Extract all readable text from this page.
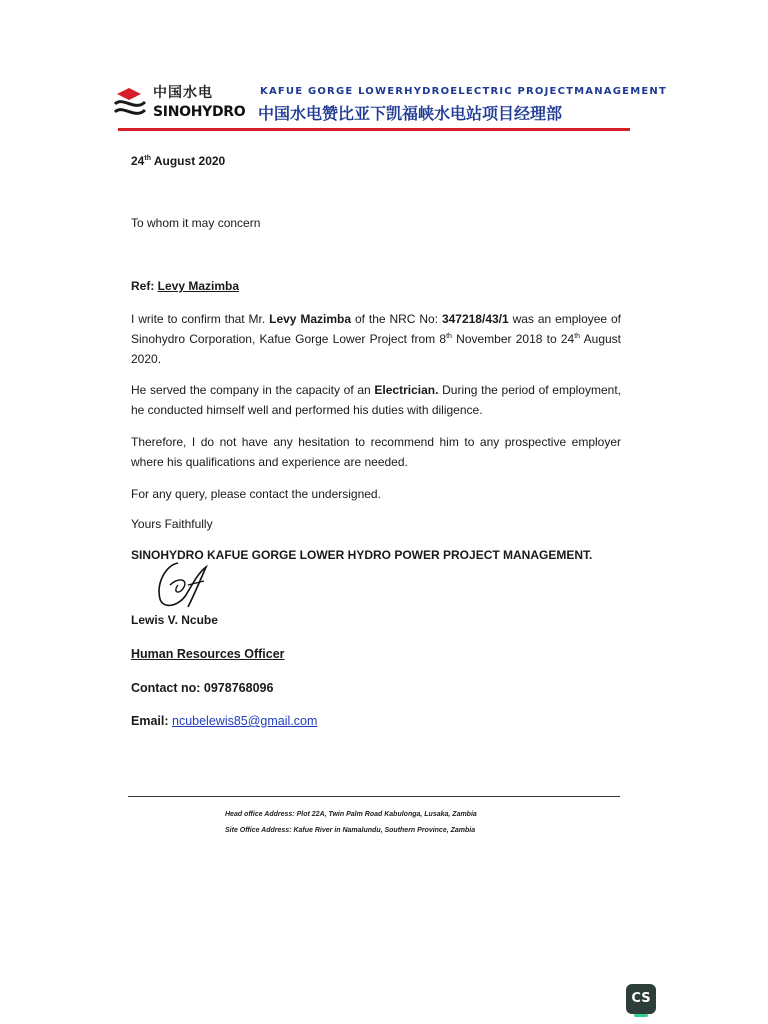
中国水电
SINOHYDRO
KAFUE GORGE LOWERHYDROELECTRIC PROJECTMANAGEMENT
中国水电赞比亚下凯福峡水电站项目经理部
24th August 2020
To whom it may concern
Ref: Levy Mazimba
I write to confirm that Mr. Levy Mazimba of the NRC No: 347218/43/1 was an employee of Sinohydro Corporation, Kafue Gorge Lower Project from 8th November 2018 to 24th August 2020.
He served the company in the capacity of an Electrician. During the period of employment, he conducted himself well and performed his duties with diligence.
Therefore, I do not have any hesitation to recommend him to any prospective employer where his qualifications and experience are needed.
For any query, please contact the undersigned.
Yours Faithfully
SINOHYDRO KAFUE GORGE LOWER HYDRO POWER PROJECT MANAGEMENT.
Lewis V. Ncube
Human Resources Officer
Contact no: 0978768096
Email: ncubelewis85@gmail.com
Head office Address: Plot 22A, Twin Palm Road Kabulonga, Lusaka, Zambia
Site Office Address: Kafue River in Namalundu, Southern Province, Zambia
CS
